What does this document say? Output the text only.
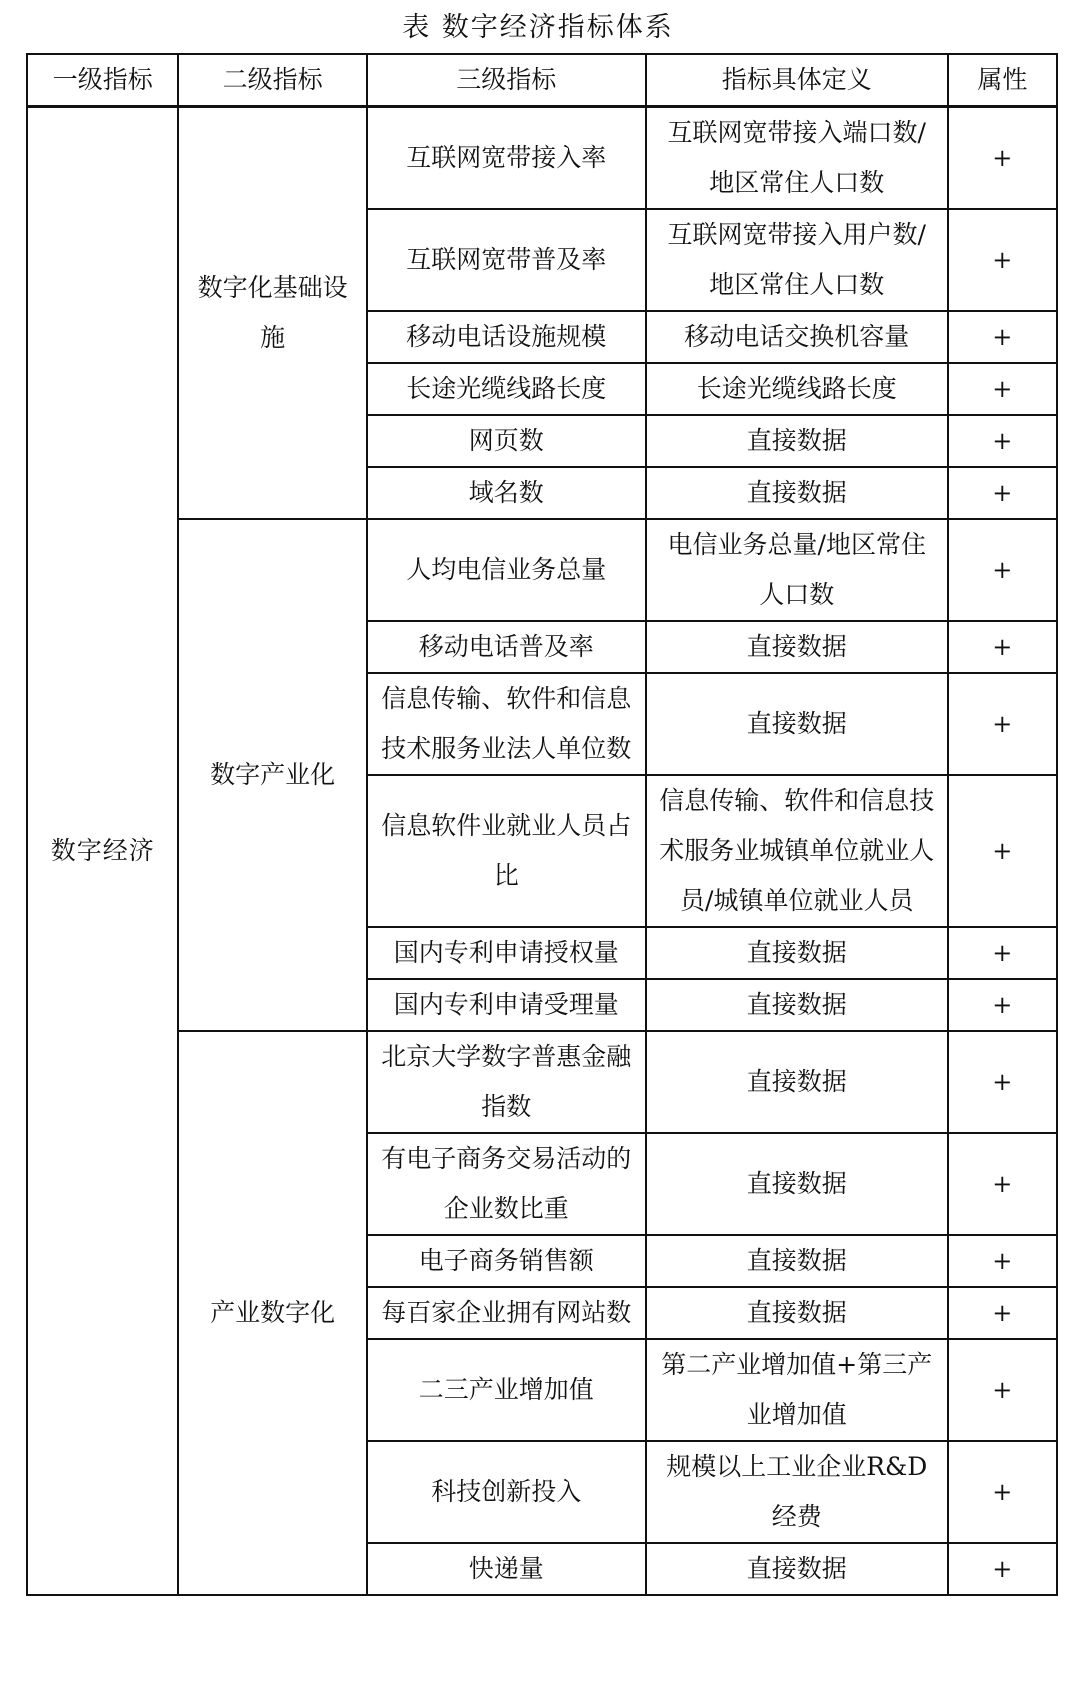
表 数字经济指标体系
一级指标	二级指标	三级指标	指标具体定义	属性
数字经济	数字化基础设施	互联网宽带接入率	互联网宽带接入端口数/地区常住人口数	+
		互联网宽带普及率	互联网宽带接入用户数/地区常住人口数	+
		移动电话设施规模	移动电话交换机容量	+
		长途光缆线路长度	长途光缆线路长度	+
		网页数	直接数据	+
		域名数	直接数据	+
	数字产业化	人均电信业务总量	电信业务总量/地区常住人口数	+
		移动电话普及率	直接数据	+
		信息传输、软件和信息技术服务业法人单位数	直接数据	+
		信息软件业就业人员占比	信息传输、软件和信息技术服务业城镇单位就业人员/城镇单位就业人员	+
		国内专利申请授权量	直接数据	+
		国内专利申请受理量	直接数据	+
	产业数字化	北京大学数字普惠金融指数	直接数据	+
		有电子商务交易活动的企业数比重	直接数据	+
		电子商务销售额	直接数据	+
		每百家企业拥有网站数	直接数据	+
		二三产业增加值	第二产业增加值+第三产业增加值	+
		科技创新投入	规模以上工业企业R&D经费	+
		快递量	直接数据	+
